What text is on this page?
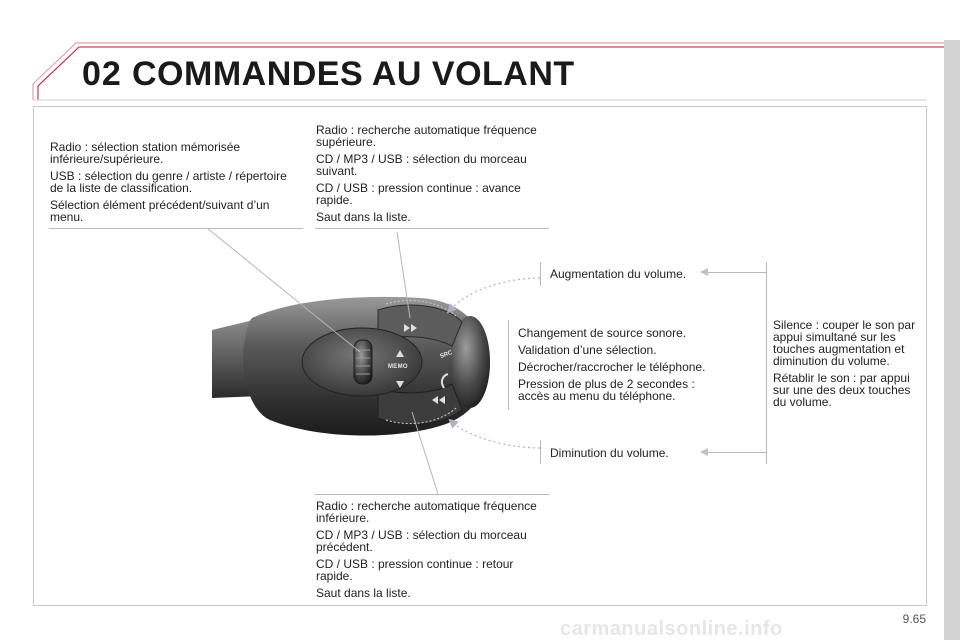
02 COMMANDES AU VOLANT

Radio : sélection station mémorisée inférieure/supérieure.

USB : sélection du genre / artiste / répertoire de la liste de classification.

Sélection élément précédent/suivant d’un menu.

Radio : recherche automatique fréquence supérieure.

CD / MP3 / USB : sélection du morceau suivant.

CD / USB : pression continue : avance rapide.

Saut dans la liste.

Augmentation du volume.

Changement de source sonore.

Validation d’une sélection.

Décrocher/raccrocher le téléphone.

Pression de plus de 2 secondes : accès au menu du téléphone.

Silence : couper le son par appui simultané sur les touches augmentation et diminution du volume.

Rétablir le son : par appui sur une des deux touches du volume.

Diminution du volume.

Radio : recherche automatique fréquence inférieure.

CD / MP3 / USB : sélection du morceau précédent.

CD / USB : pression continue : retour rapide.

Saut dans la liste.

MEMO
SRC
9.65
carmanualsonline.info
